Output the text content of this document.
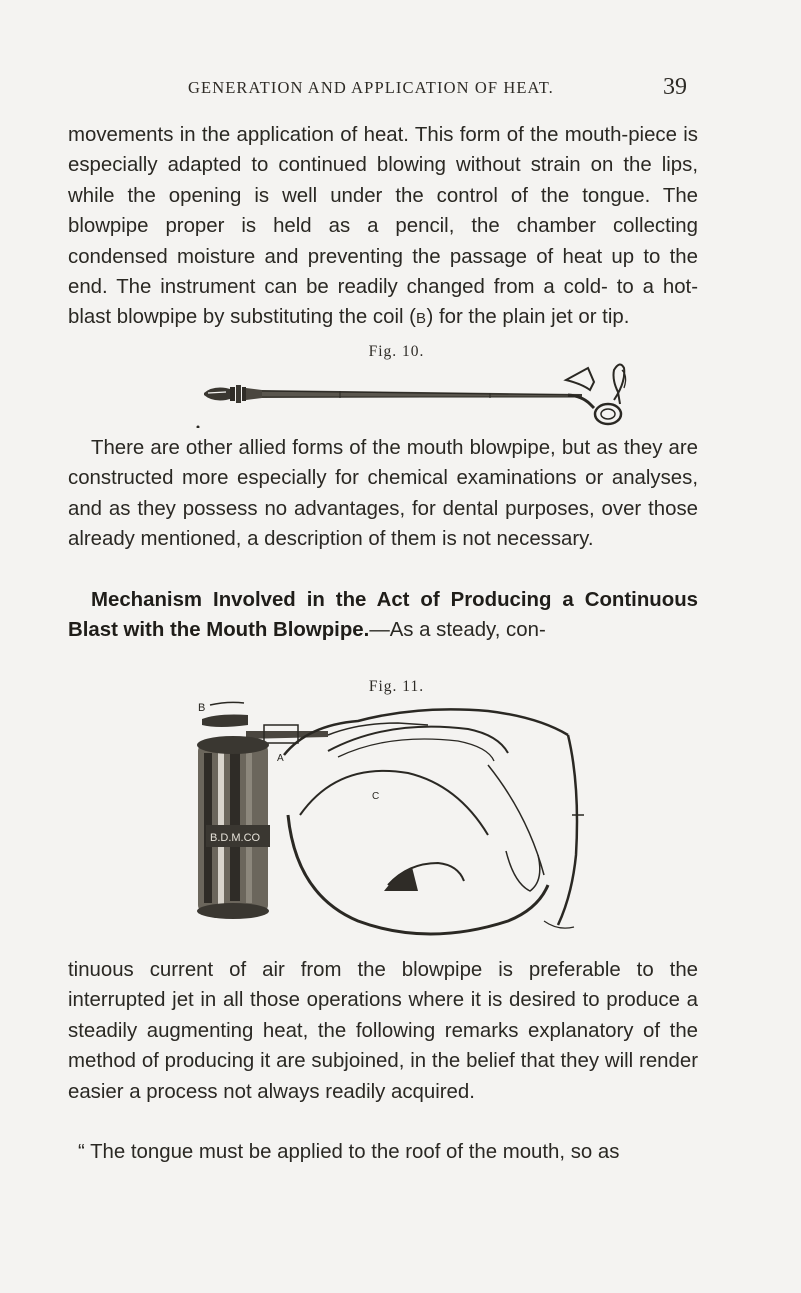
GENERATION AND APPLICATION OF HEAT.	39

movements in the application of heat. This form of the mouth-piece is especially adapted to continued blowing without strain on the lips, while the opening is well under the control of the tongue. The blowpipe proper is held as a pencil, the chamber collecting condensed moisture and preventing the passage of heat up to the end. The instrument can be readily changed from a cold- to a hot-blast blowpipe by substituting the coil (B) for the plain jet or tip.

Fig. 10.

There are other allied forms of the mouth blowpipe, but as they are constructed more especially for chemical examinations or analyses, and as they possess no advantages, for dental purposes, over those already mentioned, a description of them is not necessary.

Mechanism Involved in the Act of Producing a Continuous Blast with the Mouth Blowpipe.—As a steady, con-

Fig. 11.
B
A
B.D.M.CO
C

tinuous current of air from the blowpipe is preferable to the interrupted jet in all those operations where it is desired to produce a steadily augmenting heat, the following remarks explanatory of the method of producing it are subjoined, in the belief that they will render easier a process not always readily acquired.

“ The tongue must be applied to the roof of the mouth, so as
